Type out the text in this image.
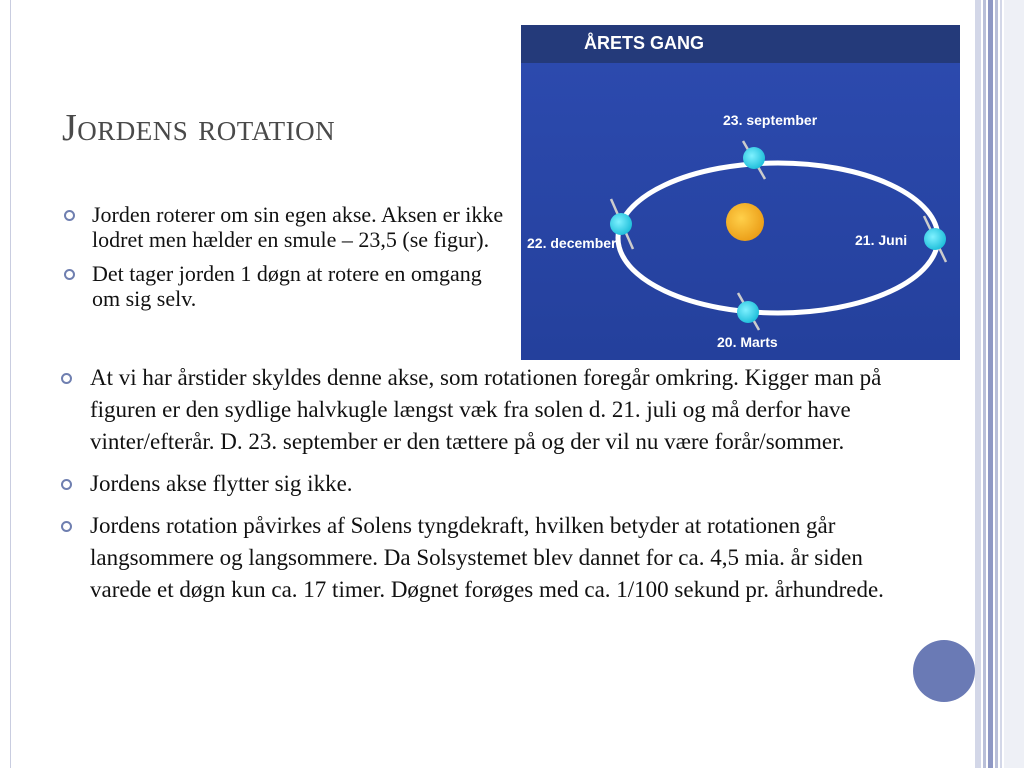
Jordens rotation
Jorden roterer om sin egen akse. Aksen er ikke lodret men hælder en smule – 23,5 (se figur).
Det tager jorden 1 døgn at rotere en omgang om sig selv.
At vi har årstider skyldes denne akse, som rotationen foregår omkring. Kigger man på figuren er den sydlige halvkugle længst væk fra solen d. 21. juli og må derfor have vinter/efterår. D. 23. september er den tættere på og der vil nu være forår/sommer.
Jordens akse flytter sig ikke.
Jordens rotation påvirkes af Solens tyngdekraft, hvilken betyder at rotationen går langsommere og langsommere. Da Solsystemet blev dannet for ca. 4,5 mia. år siden varede et døgn kun ca. 17 timer. Døgnet forøges med ca. 1/100 sekund pr. århundrede.
ÅRETS GANG
23. september
22. december	21. Juni
20. Marts
